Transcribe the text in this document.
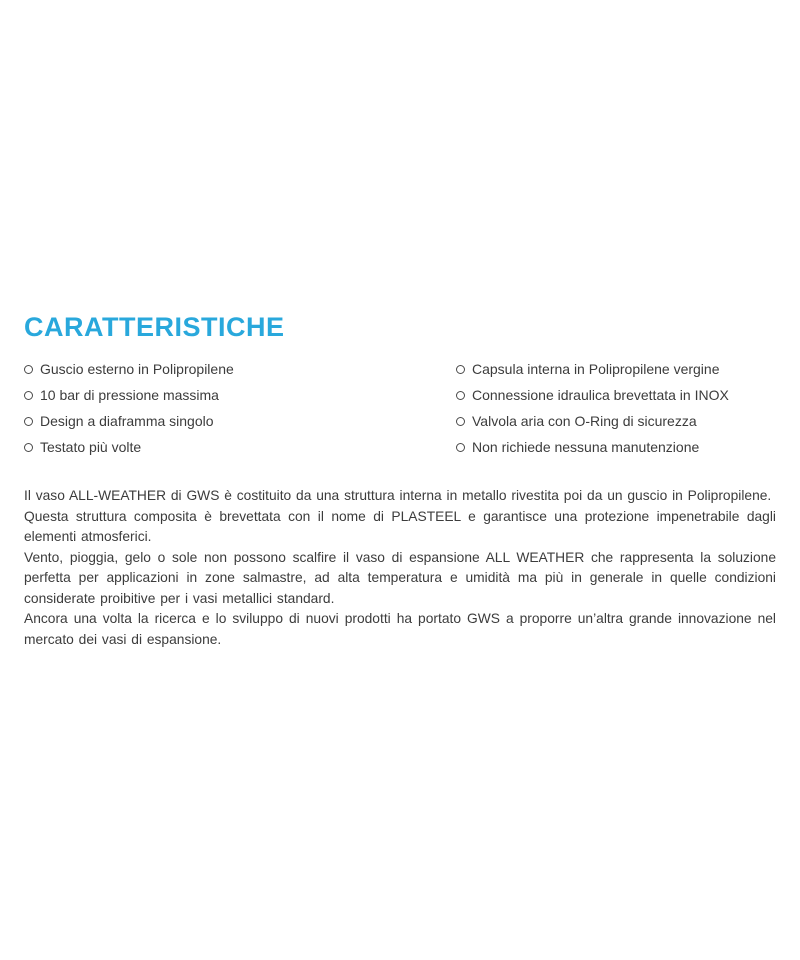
CARATTERISTICHE
Guscio esterno in Polipropilene
10 bar di pressione massima
Design a diaframma singolo
Testato più volte
Capsula interna in Polipropilene vergine
Connessione idraulica brevettata in INOX
Valvola aria con O-Ring di sicurezza
Non richiede nessuna manutenzione

Il vaso ALL-WEATHER di GWS è costituito da una struttura interna in metallo rivestita poi da un guscio in Polipropilene.

Questa struttura composita è brevettata con il nome di PLASTEEL e garantisce una protezione impenetrabile dagli elementi atmosferici.

Vento, pioggia, gelo o sole non possono scalfire il vaso di espansione ALL WEATHER che rappresenta la soluzione perfetta per applicazioni in zone salmastre, ad alta temperatura e umidità ma più in generale in quelle condizioni considerate proibitive per i vasi metallici standard.

Ancora una volta la ricerca e lo sviluppo di nuovi prodotti ha portato GWS a proporre un’altra grande innovazione nel mercato dei vasi di espansione.
